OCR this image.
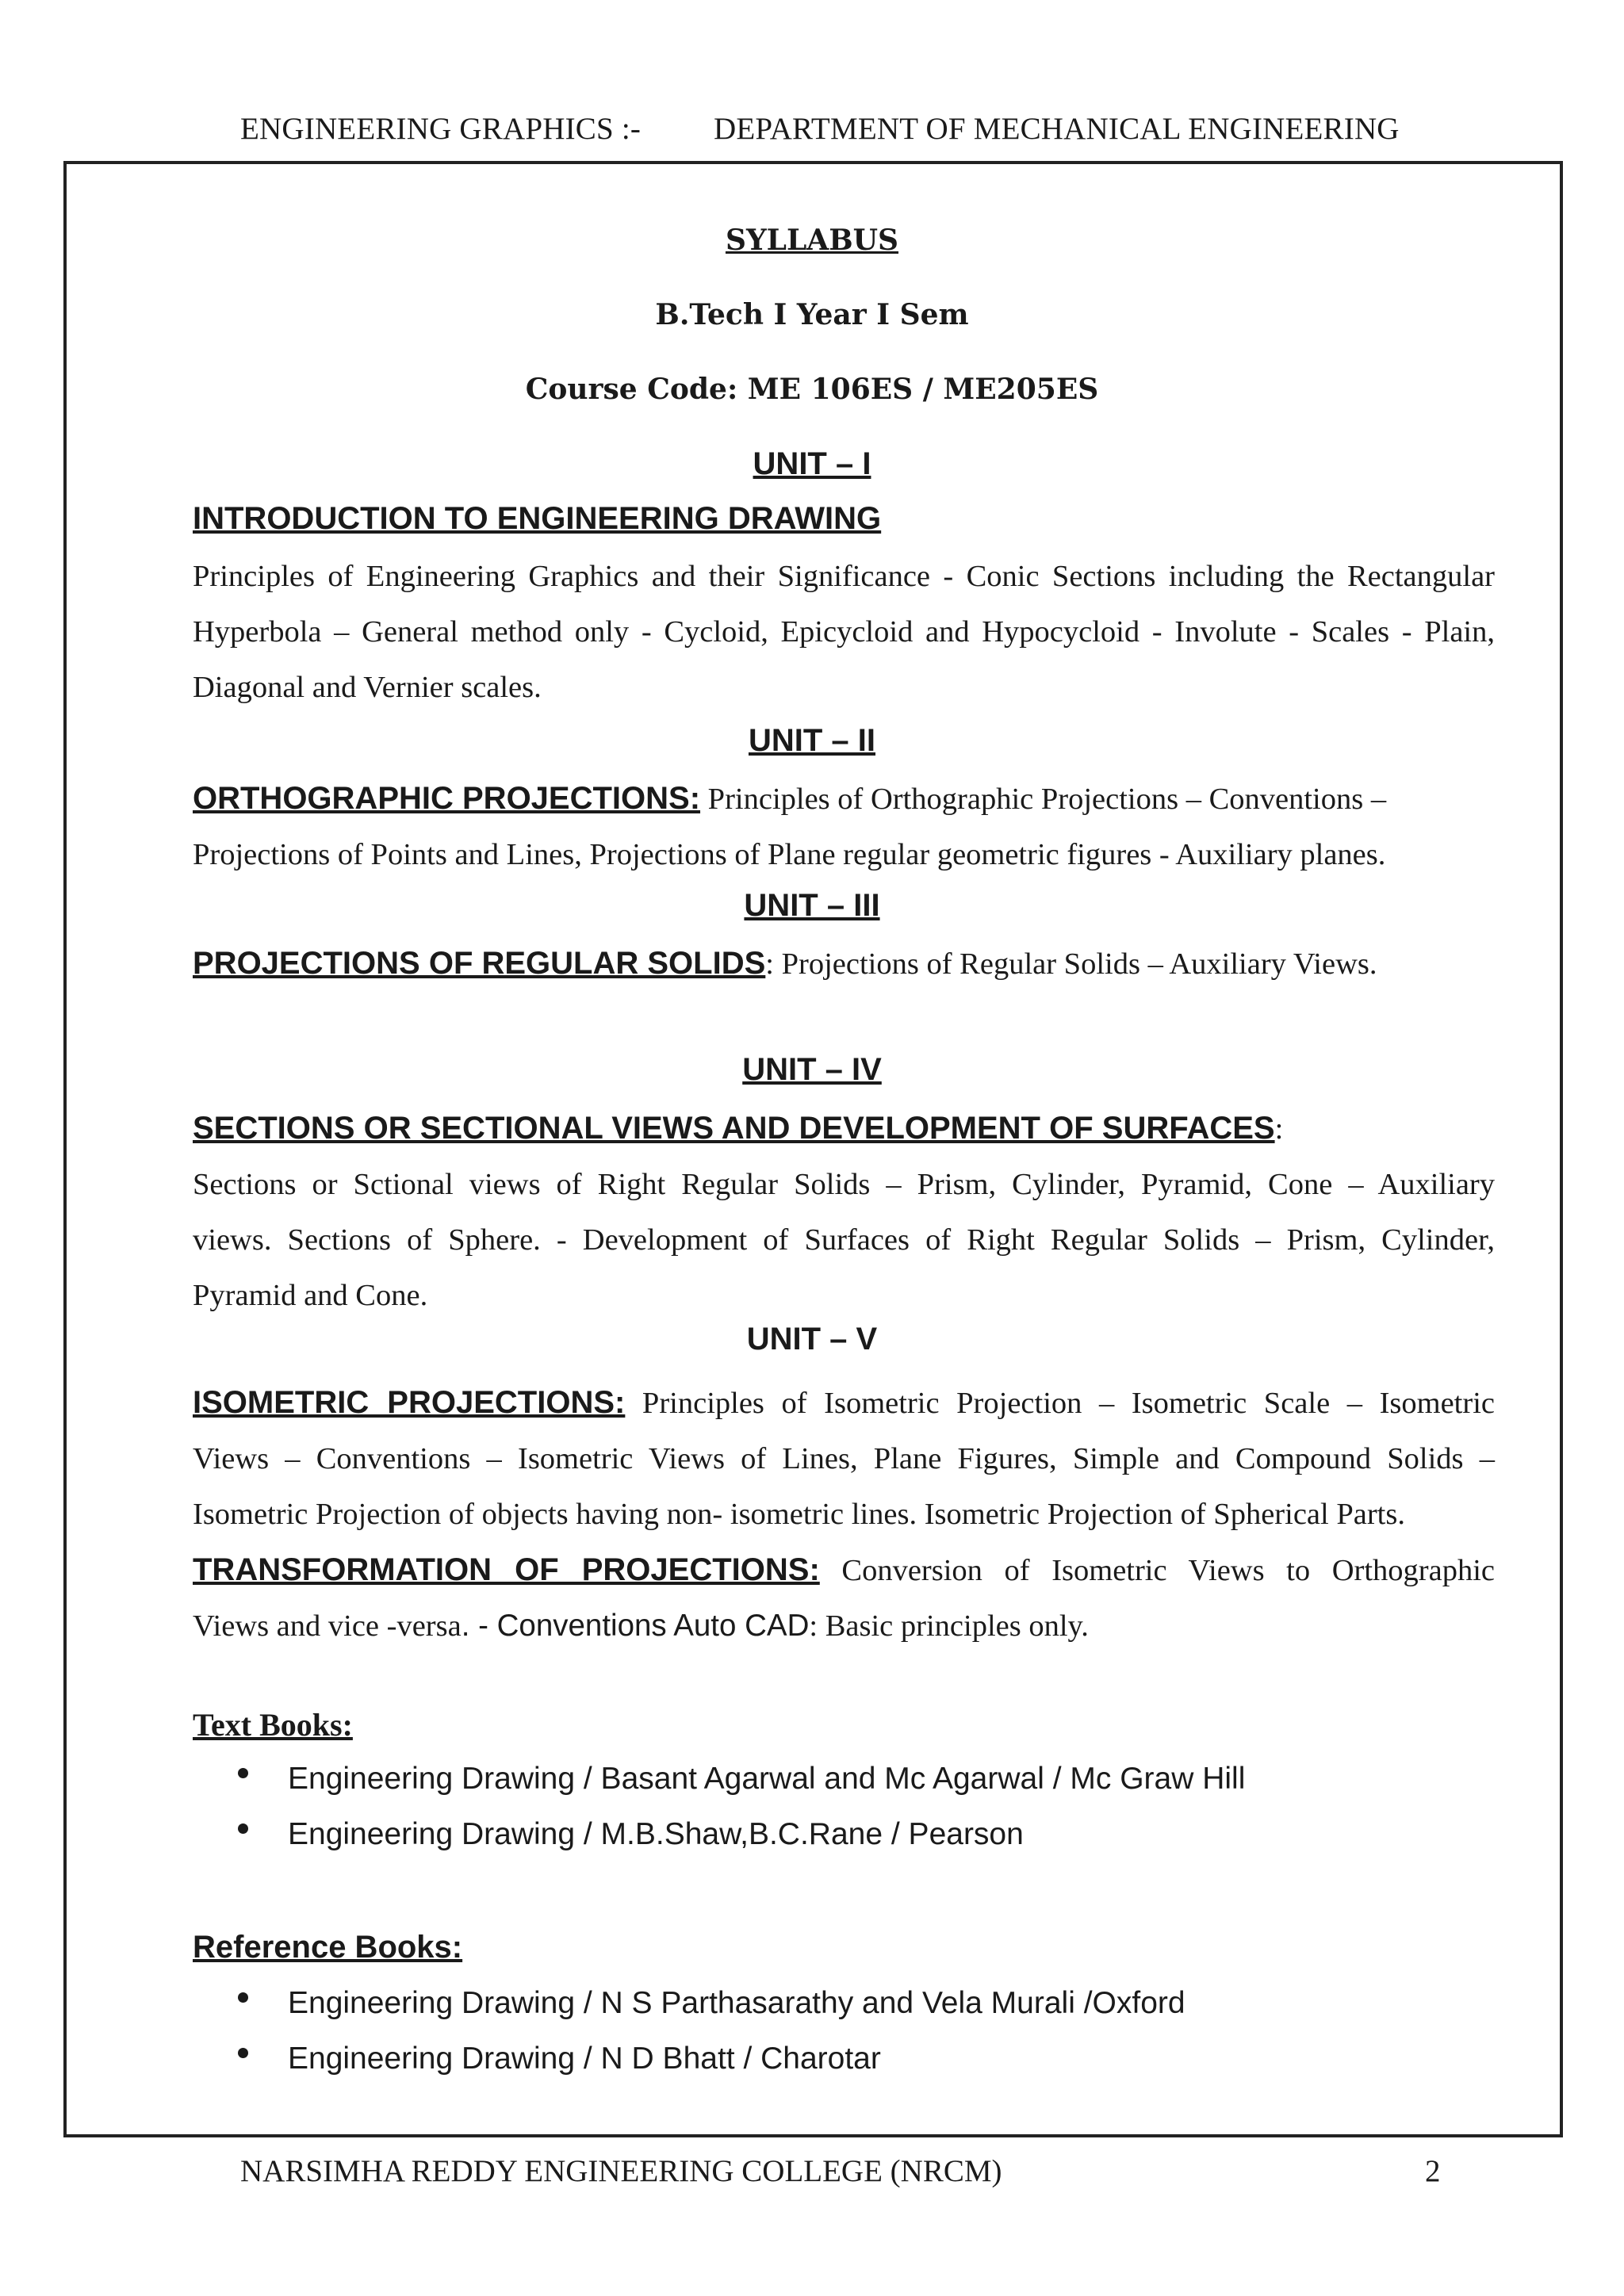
ENGINEERING GRAPHICS :- DEPARTMENT OF MECHANICAL ENGINEERING
SYLLABUS
B.Tech I Year I Sem
Course Code: ME 106ES / ME205ES
UNIT – I
INTRODUCTION TO ENGINEERING DRAWING
Principles of Engineering Graphics and their Significance - Conic Sections including the Rectangular
Hyperbola – General method only - Cycloid, Epicycloid and Hypocycloid - Involute - Scales - Plain,
Diagonal and Vernier scales.
UNIT – II
ORTHOGRAPHIC PROJECTIONS: Principles of Orthographic Projections – Conventions –
Projections of Points and Lines, Projections of Plane regular geometric figures - Auxiliary planes.
UNIT – III
PROJECTIONS OF REGULAR SOLIDS: Projections of Regular Solids – Auxiliary Views.
UNIT – IV
SECTIONS OR SECTIONAL VIEWS AND DEVELOPMENT OF SURFACES:
Sections or Sctional views of Right Regular Solids – Prism, Cylinder, Pyramid, Cone – Auxiliary
views. Sections of Sphere. - Development of Surfaces of Right Regular Solids – Prism, Cylinder,
Pyramid and Cone.
UNIT – V
ISOMETRIC PROJECTIONS: Principles of Isometric Projection – Isometric Scale – Isometric
Views – Conventions – Isometric Views of Lines, Plane Figures, Simple and Compound Solids –
Isometric Projection of objects having non- isometric lines. Isometric Projection of Spherical Parts.
TRANSFORMATION OF PROJECTIONS: Conversion of Isometric Views to Orthographic
Views and vice -versa. - Conventions Auto CAD: Basic principles only.
Text Books:
Engineering Drawing / Basant Agarwal and Mc Agarwal / Mc Graw Hill
Engineering Drawing / M.B.Shaw,B.C.Rane / Pearson
Reference Books:
Engineering Drawing / N S Parthasarathy and Vela Murali /Oxford
Engineering Drawing / N D Bhatt / Charotar
NARSIMHA REDDY ENGINEERING COLLEGE (NRCM)	2
